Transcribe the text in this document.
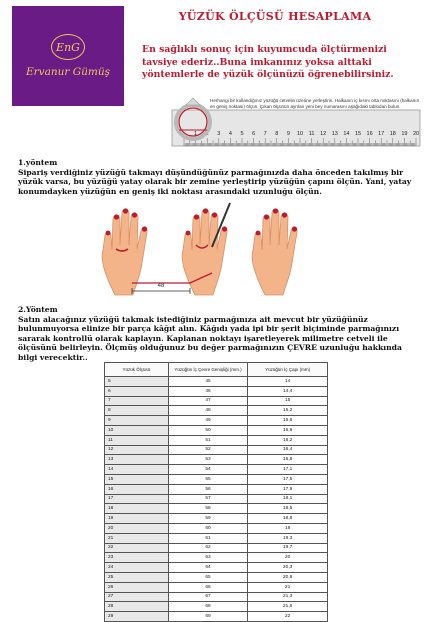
EnG
Ervanur Gümüş
YÜZÜK ÖLÇÜSÜ HESAPLAMA
En sağlıklı sonuç için kuyumcuda ölçtürmenizi tavsiye ederiz..Buna imkanınız yoksa alttaki yöntemlerle de yüzük ölçünüzü öğrenebilirsiniz.
1 2 3 4 5 6 7 8 9 10 11 12 13 14 15 16 17 18 19 20
Herhangi bir kullandığınız yüzüğü cetvelin üzerine yerleştirin. Halkanın iç kısmı orta noktasını (halkanın en geniş noktası) ölçün. Çıkan ölçünün ayrılan yeni bey numarasını aşağıdaki tablodan bulun.
1.yöntem
Sipariş verdiğiniz yüzüğü takmayı düşündüğünüz parmağınızda daha önceden takılmış bir yüzük varsa, bu yüzüğü yatay olarak bir zemine yerleştirip yüzüğün çapını ölçün. Yani, yatay konumdayken yüzüğün en geniş iki noktası arasındaki uzunluğu ölçün.
48
2.Yöntem
Satın alacağınız yüzüğü takmak istediğiniz parmağınıza ait mevcut bir yüzüğünüz bulunmuyorsa elinize bir parça kâğıt alın. Kâğıdı yada ipi bir şerit biçiminde parmağınızı sararak kontrollü olarak kaplayın. Kaplanan noktayı işaretleyerek milimetre cetveli ile ölçüsünü belirleyin. Ölçmüş olduğunuz bu değer parmağınızın ÇEVRE uzunluğu hakkında bilgi verecektir..
Yüzük Ölçüsü	Yüzüğün İç Çevre Genişliği (mm.)	Yüzüğün İç Çapı (mm)
5	45	14
6	46	14,4
7	47	15
8	48	15,2
9	49	15,6
10	50	15,9
11	51	16,2
12	52	16,4
13	53	16,8
14	54	17,1
15	55	17,5
16	56	17,9
17	57	18,1
18	58	18,5
19	59	18,8
20	60	19
21	61	19,3
22	62	19,7
23	63	20
24	64	20,3
25	65	20,8
26	66	21
27	67	21,3
28	68	21,6
29	69	22
